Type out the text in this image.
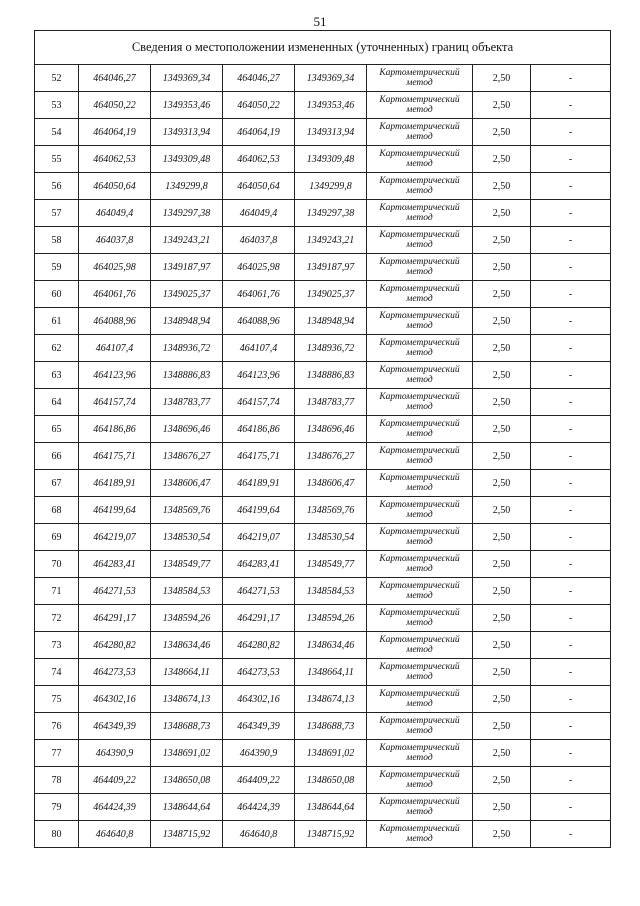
51
Сведения о местоположении измененных (уточненных) границ объекта							
52	464046,27	1349369,34	464046,27	1349369,34	Картометрический метод	2,50	-
53	464050,22	1349353,46	464050,22	1349353,46	Картометрический метод	2,50	-
54	464064,19	1349313,94	464064,19	1349313,94	Картометрический метод	2,50	-
55	464062,53	1349309,48	464062,53	1349309,48	Картометрический метод	2,50	-
56	464050,64	1349299,8	464050,64	1349299,8	Картометрический метод	2,50	-
57	464049,4	1349297,38	464049,4	1349297,38	Картометрический метод	2,50	-
58	464037,8	1349243,21	464037,8	1349243,21	Картометрический метод	2,50	-
59	464025,98	1349187,97	464025,98	1349187,97	Картометрический метод	2,50	-
60	464061,76	1349025,37	464061,76	1349025,37	Картометрический метод	2,50	-
61	464088,96	1348948,94	464088,96	1348948,94	Картометрический метод	2,50	-
62	464107,4	1348936,72	464107,4	1348936,72	Картометрический метод	2,50	-
63	464123,96	1348886,83	464123,96	1348886,83	Картометрический метод	2,50	-
64	464157,74	1348783,77	464157,74	1348783,77	Картометрический метод	2,50	-
65	464186,86	1348696,46	464186,86	1348696,46	Картометрический метод	2,50	-
66	464175,71	1348676,27	464175,71	1348676,27	Картометрический метод	2,50	-
67	464189,91	1348606,47	464189,91	1348606,47	Картометрический метод	2,50	-
68	464199,64	1348569,76	464199,64	1348569,76	Картометрический метод	2,50	-
69	464219,07	1348530,54	464219,07	1348530,54	Картометрический метод	2,50	-
70	464283,41	1348549,77	464283,41	1348549,77	Картометрический метод	2,50	-
71	464271,53	1348584,53	464271,53	1348584,53	Картометрический метод	2,50	-
72	464291,17	1348594,26	464291,17	1348594,26	Картометрический метод	2,50	-
73	464280,82	1348634,46	464280,82	1348634,46	Картометрический метод	2,50	-
74	464273,53	1348664,11	464273,53	1348664,11	Картометрический метод	2,50	-
75	464302,16	1348674,13	464302,16	1348674,13	Картометрический метод	2,50	-
76	464349,39	1348688,73	464349,39	1348688,73	Картометрический метод	2,50	-
77	464390,9	1348691,02	464390,9	1348691,02	Картометрический метод	2,50	-
78	464409,22	1348650,08	464409,22	1348650,08	Картометрический метод	2,50	-
79	464424,39	1348644,64	464424,39	1348644,64	Картометрический метод	2,50	-
80	464640,8	1348715,92	464640,8	1348715,92	Картометрический метод	2,50	-
